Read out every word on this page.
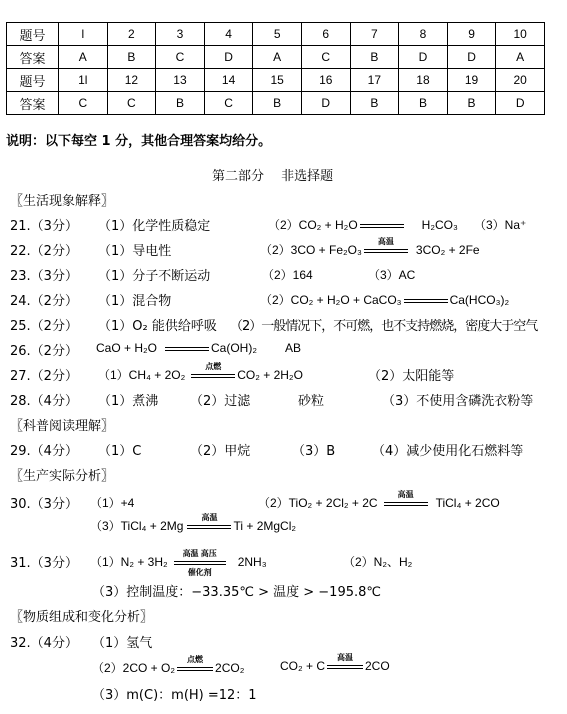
题号	l	2	3	4	5	6	7	8	9	10
答案	A	B	C	D	A	C	B	D	D	A
题号	1l	12	13	14	15	16	17	18	19	20
答案	C	C	B	C	B	D	B	B	B	D
说明：以下每空 1 分，其他合理答案均给分。
第二部分　 非选择题
〖生活现象解释〗
21.（3分） （1）化学性质稳定	（2）CO₂ + H₂O	H₂CO₃ （3）Na⁺
22.（2分） （1）导电性	（2）3CO + Fe₂O₃
高温
3CO₂ + 2Fe
23.（3分） （1）分子不断运动	（2）164	（3）AC
24.（2分） （1）混合物	（2）CO₂ + H₂O + CaCO₃	Ca(HCO₃)₂
25.（2分） （1）O₂ 能供给呼吸 （2）一般情况下，不可燃，也不支持燃烧，密度大于空气
26.（2分） CaO + H₂O	Ca(OH)₂ AB
27.（2分） （1）CH₄ + 2O₂
点燃
CO₂ + 2H₂O	（2）太阳能等
28.（4分） （1）煮沸 （2）过滤	砂粒	（3）不使用含磷洗衣粉等
〖科普阅读理解〗
29.（4分） （1）C	（2）甲烷	（3）B	（4）减少使用化石燃料等
〖生产实际分析〗
30.（3分） （1）+4	（2）TiO₂ + 2Cl₂ + 2C
高温
TiCl₄ + 2CO
（3）TiCl₄ + 2Mg
高温
Ti + 2MgCl₂
31.（3分） （1）N₂ + 3H₂
高温 高压
催化剂
2NH₃	（2）N₂、H₂
（3）控制温度：−33.35℃ > 温度 > −195.8℃
〖物质组成和变化分析〗
32.（4分） （1）氢气
（2）2CO + O₂
点燃
2CO₂	CO₂ + C
高温
2CO
（3）m(C)：m(H) =12：1
